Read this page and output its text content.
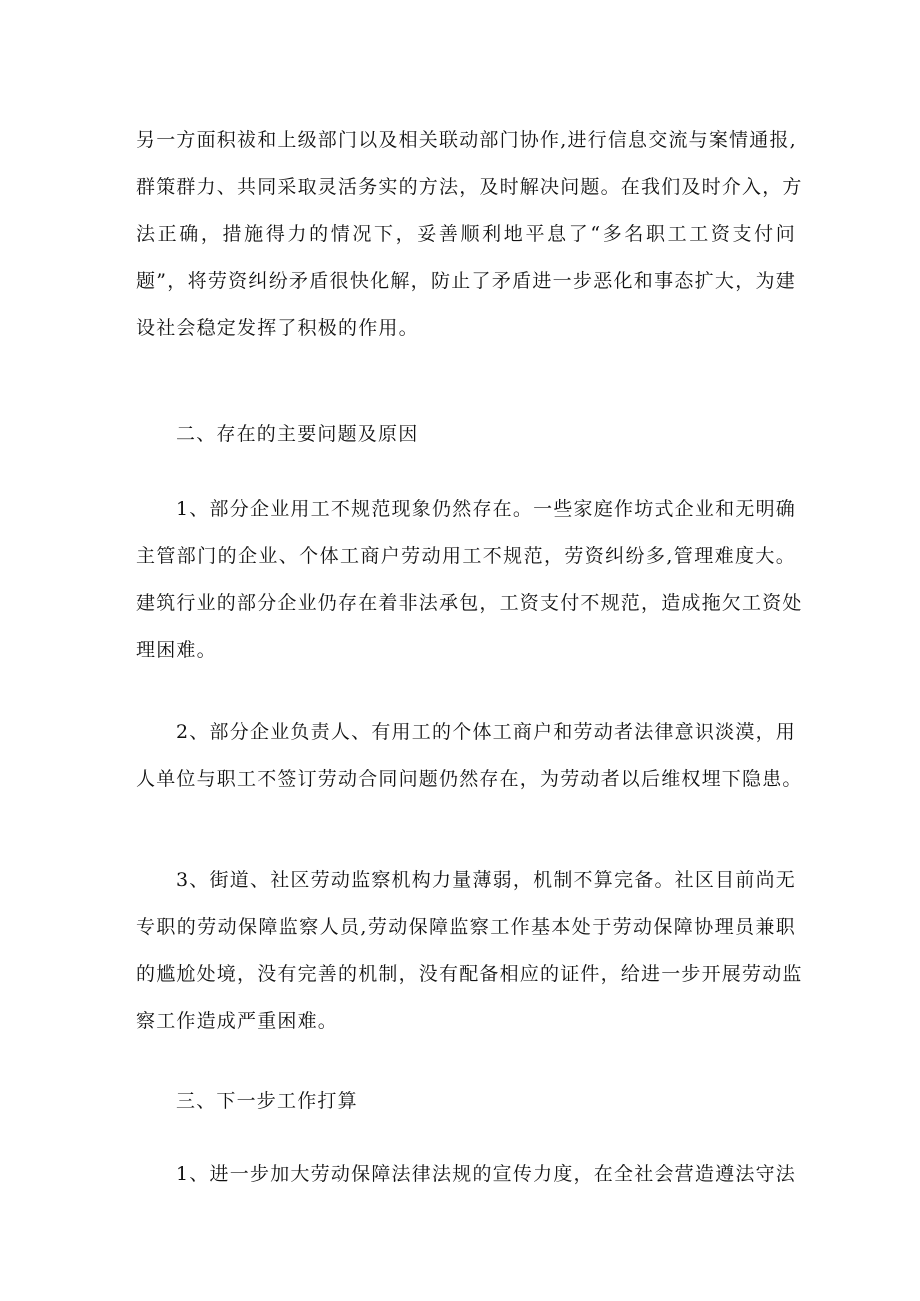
另一方面积祓和上级部门以及相关联动部门协作,进行信息交流与案情通报,
群策群力、共同采取灵活务实的方法，及时解决问题。在我们及时介入，方
法正确，措施得力的情况下，妥善顺利地平息了“多名职工工资支付问
题”，将劳资纠纷矛盾很快化解，防止了矛盾进一步恶化和事态扩大，为建
设社会稳定发挥了积极的作用。
二、存在的主要问题及原因
1、部分企业用工不规范现象仍然存在。一些家庭作坊式企业和无明确
主管部门的企业、个体工商户劳动用工不规范，劳资纠纷多,管理难度大。
建筑行业的部分企业仍存在着非法承包，工资支付不规范，造成拖欠工资处
理困难。
2、部分企业负责人、有用工的个体工商户和劳动者法律意识淡漠，用
人单位与职工不签订劳动合同问题仍然存在，为劳动者以后维权埋下隐患。
3、街道、社区劳动监察机构力量薄弱，机制不算完备。社区目前尚无
专职的劳动保障监察人员,劳动保障监察工作基本处于劳动保障协理员兼职
的尴尬处境，没有完善的机制，没有配备相应的证件，给进一步开展劳动监
察工作造成严重困难。
三、下一步工作打算
1、进一步加大劳动保障法律法规的宣传力度，在全社会营造遵法守法
